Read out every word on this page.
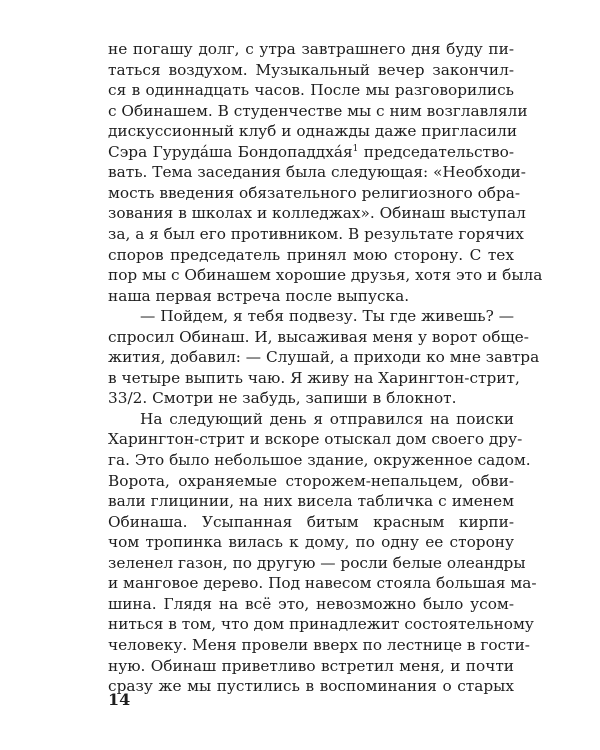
не погашу долг, с утра завтрашнего дня буду пи-
таться воздухом. Музыкальный вечер закончил-
ся в одиннадцать часов. После мы разговорились
с Обинашем. В студенчестве мы с ним возглавляли
дискуссионный клуб и однажды даже пригласили
Сэра Гурудáша Бондопаддхáя$^1$ председательство-
вать. Тема заседания была следующая: «Необходи-
мость введения обязательного религиозного обра-
зования в школах и колледжах». Обинаш выступал
за, а я был его противником. В результате горячих
споров председатель принял мою сторону. С тех
пор мы с Обинашем хорошие друзья, хотя это и была
наша первая встреча после выпуска.
— Пойдем, я тебя подвезу. Ты где живешь? —
спросил Обинаш. И, высаживая меня у ворот обще-
жития, добавил: — Слушай, а приходи ко мне завтра
в четыре выпить чаю. Я живу на Харингтон-стрит,
33/2. Смотри не забудь, запиши в блокнот.
На следующий день я отправился на поиски
Харингтон-стрит и вскоре отыскал дом своего дру-
га. Это было небольшое здание, окруженное садом.
Ворота, охраняемые сторожем-непальцем, обви-
вали глицинии, на них висела табличка с именем
Обинаша. Усыпанная битым красным кирпи-
чом тропинка вилась к дому, по одну ее сторону
зеленел газон, по другую — росли белые олеандры
и манговое дерево. Под навесом стояла большая ма-
шина. Глядя на всё это, невозможно было усом-
ниться в том, что дом принадлежит состоятельному
человеку. Меня провели вверх по лестнице в гости-
ную. Обинаш приветливо встретил меня, и почти
сразу же мы пустились в воспоминания о старых
14
